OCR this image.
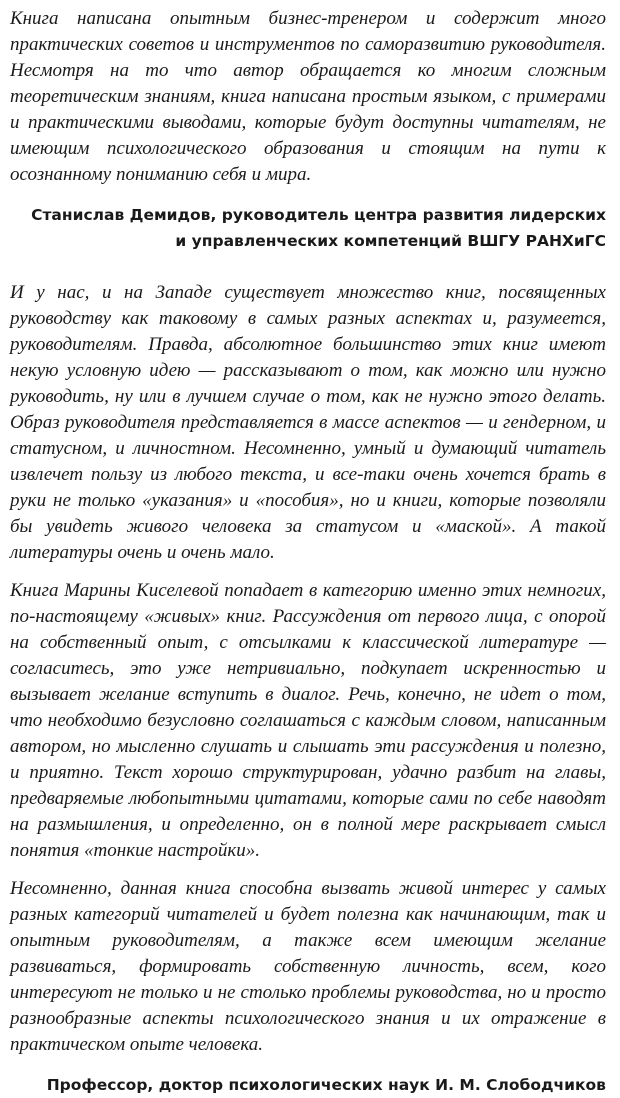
Книга написана опытным бизнес-тренером и содержит много практических советов и инструментов по саморазвитию руководителя. Несмотря на то что автор обращается ко многим сложным теоретическим знаниям, книга написана простым языком, с примерами и практическими выводами, которые будут доступны читателям, не имеющим психологического образования и стоящим на пути к осознанному пониманию себя и мира.

Станислав Демидов, руководитель центра развития лидерских
и управленческих компетенций ВШГУ РАНХиГС

И у нас, и на Западе существует множество книг, посвященных руководству как таковому в самых разных аспектах и, разумеется, руководителям. Правда, абсолютное большинство этих книг имеют некую условную идею — рассказывают о том, как можно или нужно руководить, ну или в лучшем случае о том, как не нужно этого делать. Образ руководителя представляется в массе аспектов — и гендерном, и статусном, и личностном. Несомненно, умный и думающий читатель извлечет пользу из любого текста, и все-таки очень хочется брать в руки не только «указания» и «пособия», но и книги, которые позволяли бы увидеть живого человека за статусом и «маской». А такой литературы очень и очень мало.

Книга Марины Киселевой попадает в категорию именно этих немногих, по-настоящему «живых» книг. Рассуждения от первого лица, с опорой на собственный опыт, с отсылками к классической литературе — согласитесь, это уже нетривиально, подкупает искренностью и вызывает желание вступить в диалог. Речь, конечно, не идет о том, что необходимо безусловно соглашаться с каждым словом, написанным автором, но мысленно слушать и слышать эти рассуждения и полезно, и приятно. Текст хорошо структурирован, удачно разбит на главы, предваряемые любопытными цитатами, которые сами по себе наводят на размышления, и определенно, он в полной мере раскрывает смысл понятия «тонкие настройки».

Несомненно, данная книга способна вызвать живой интерес у самых разных категорий читателей и будет полезна как начинающим, так и опытным руководителям, а также всем имеющим желание развиваться, формировать собственную личность, всем, кого интересуют не только и не столько проблемы руководства, но и просто разнообразные аспекты психологического знания и их отражение в практическом опыте человека.

Профессор, доктор психологических наук И. М. Слободчиков
